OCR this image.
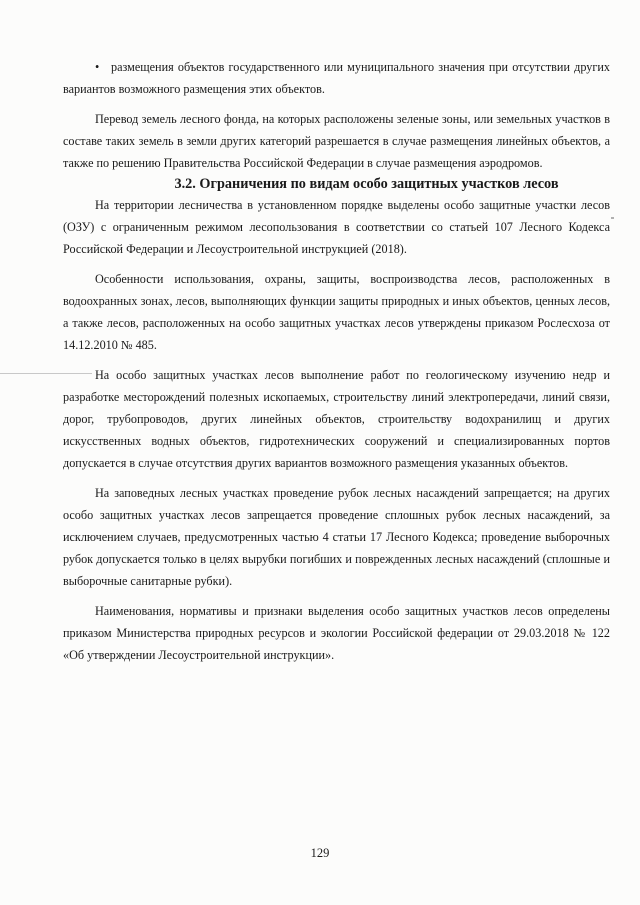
• размещения объектов государственного или муниципального значения при отсутствии других вариантов возможного размещения этих объектов.

Перевод земель лесного фонда, на которых расположены зеленые зоны, или земельных участков в составе таких земель в земли других категорий разрешается в случае размещения линейных объектов, а также по решению Правительства Российской Федерации в случае размещения аэродромов.

3.2. Ограничения по видам особо защитных участков лесов

На территории лесничества в установленном порядке выделены особо защитные участки лесов (ОЗУ) с ограниченным режимом лесопользования в соответствии со статьей 107 Лесного Кодекса Российской Федерации и Лесоустроительной инструкцией (2018).

Особенности использования, охраны, защиты, воспроизводства лесов, расположенных в водоохранных зонах, лесов, выполняющих функции защиты природных и иных объектов, ценных лесов, а также лесов, расположенных на особо защитных участках лесов утверждены приказом Рослесхоза от 14.12.2010 № 485.

На особо защитных участках лесов выполнение работ по геологическому изучению недр и разработке месторождений полезных ископаемых, строительству линий электропередачи, линий связи, дорог, трубопроводов, других линейных объектов, строительству водохранилищ и других искусственных водных объектов, гидротехнических сооружений и специализированных портов допускается в случае отсутствия других вариантов возможного размещения указанных объектов.

На заповедных лесных участках проведение рубок лесных насаждений запрещается; на других особо защитных участках лесов запрещается проведение сплошных рубок лесных насаждений, за исключением случаев, предусмотренных частью 4 статьи 17 Лесного Кодекса; проведение выборочных рубок допускается только в целях вырубки погибших и поврежденных лесных насаждений (сплошные и выборочные санитарные рубки).

Наименования, нормативы и признаки выделения особо защитных участков лесов определены приказом Министерства природных ресурсов и экологии Российской федерации от 29.03.2018 № 122 «Об утверждении Лесоустроительной инструкции».

129
